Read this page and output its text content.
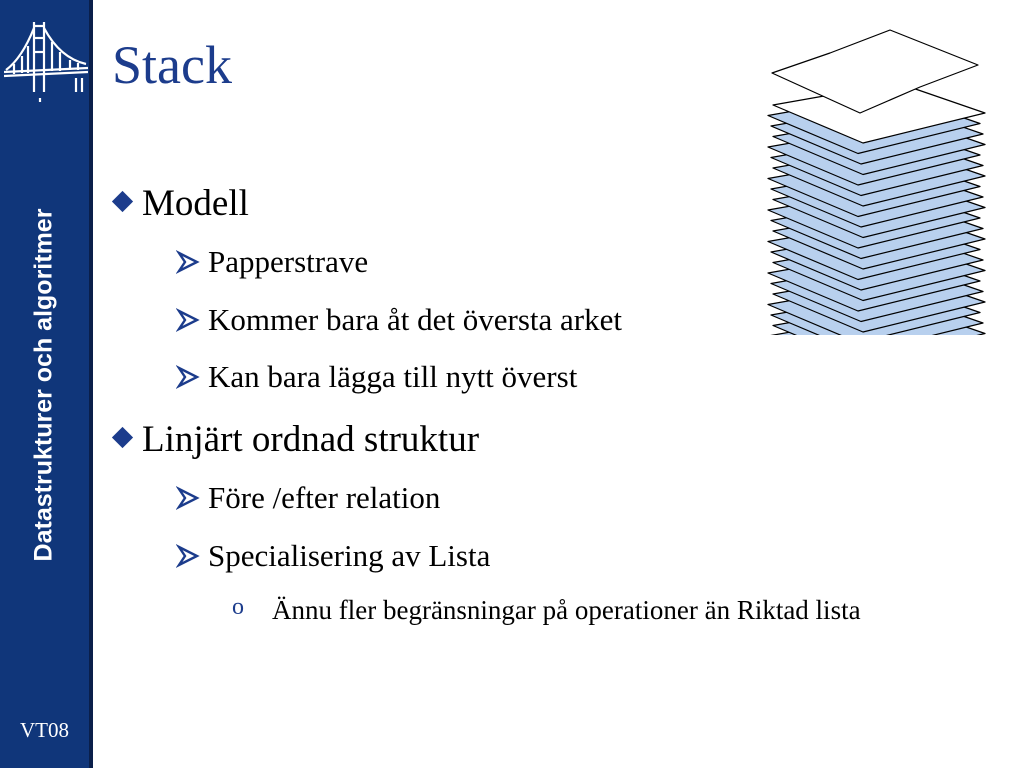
Datastrukturer och algoritmer
VT08
Stack
Modell
Papperstrave
Kommer bara åt det översta arket
Kan bara lägga till nytt överst
Linjärt ordnad struktur
Före /efter relation
Specialisering av Lista
o Ännu fler begränsningar på operationer än Riktad lista
